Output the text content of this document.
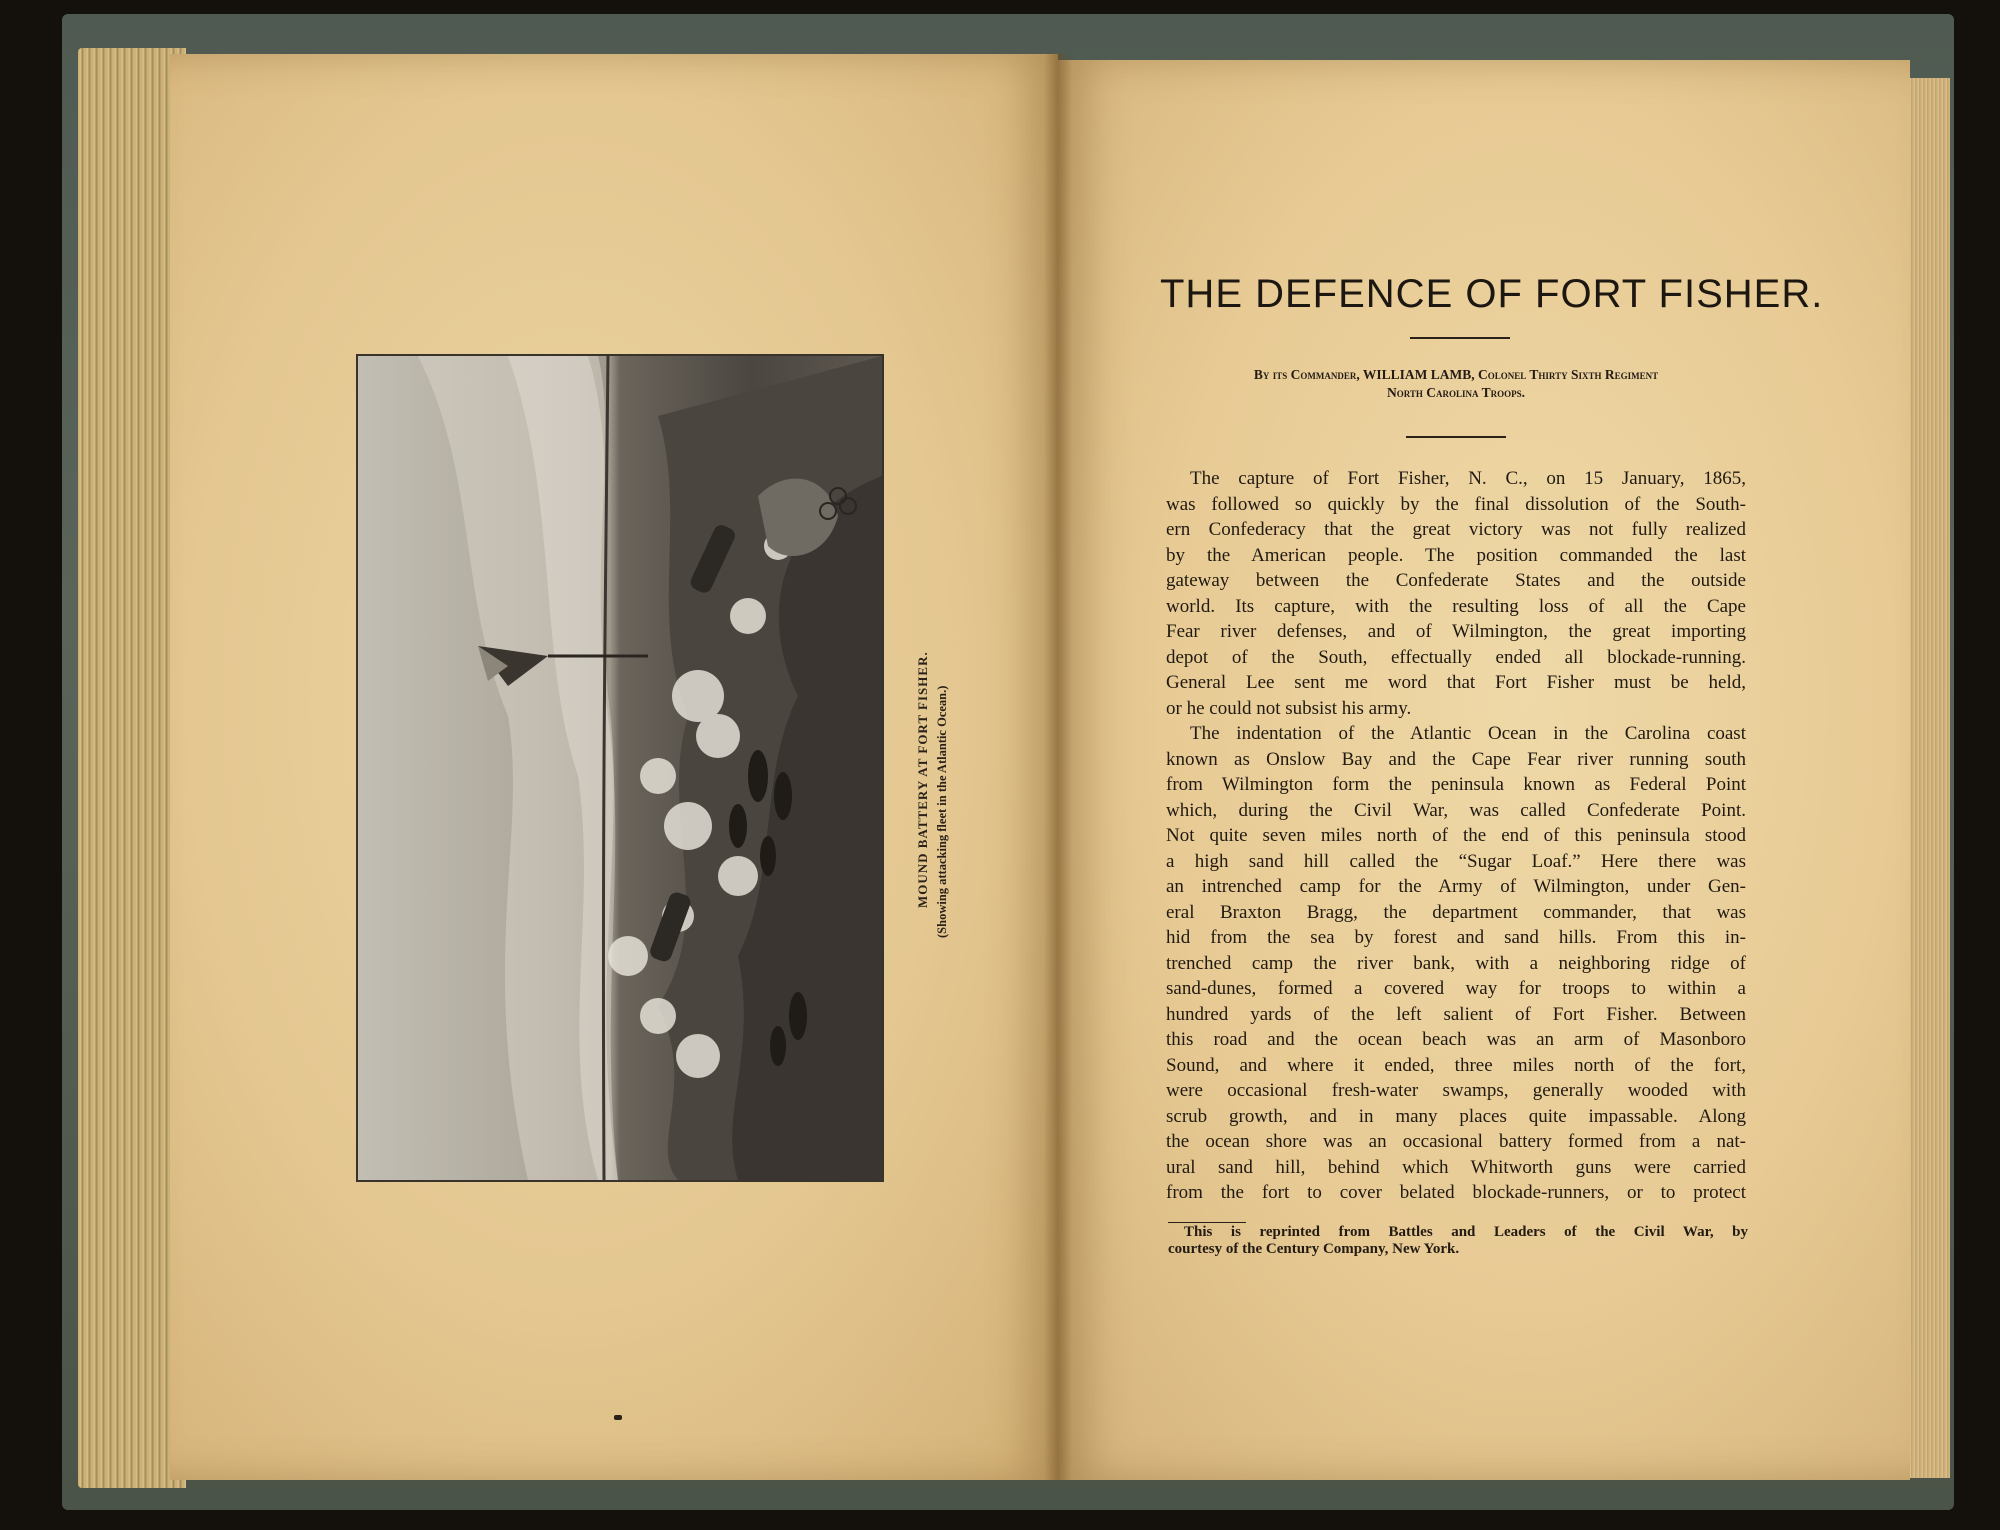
MOUND BATTERY AT FORT FISHER. (Showing attacking fleet in the Atlantic Ocean.)
THE DEFENCE OF FORT FISHER.
By its Commander, WILLIAM LAMB, Colonel Thirty Sixth Regiment
North Carolina Troops.
The capture of Fort Fisher, N. C., on 15 January, 1865,
was followed so quickly by the final dissolution of the South-
ern Confederacy that the great victory was not fully realized
by the American people. The position commanded the last
gateway between the Confederate States and the outside
world. Its capture, with the resulting loss of all the Cape
Fear river defenses, and of Wilmington, the great importing
depot of the South, effectually ended all blockade-running.
General Lee sent me word that Fort Fisher must be held,
or he could not subsist his army.
The indentation of the Atlantic Ocean in the Carolina coast
known as Onslow Bay and the Cape Fear river running south
from Wilmington form the peninsula known as Federal Point
which, during the Civil War, was called Confederate Point.
Not quite seven miles north of the end of this peninsula stood
a high sand hill called the “Sugar Loaf.” Here there was
an intrenched camp for the Army of Wilmington, under Gen-
eral Braxton Bragg, the department commander, that was
hid from the sea by forest and sand hills. From this in-
trenched camp the river bank, with a neighboring ridge of
sand-dunes, formed a covered way for troops to within a
hundred yards of the left salient of Fort Fisher. Between
this road and the ocean beach was an arm of Masonboro
Sound, and where it ended, three miles north of the fort,
were occasional fresh-water swamps, generally wooded with
scrub growth, and in many places quite impassable. Along
the ocean shore was an occasional battery formed from a nat-
ural sand hill, behind which Whitworth guns were carried
from the fort to cover belated blockade-runners, or to protect
This is reprinted from Battles and Leaders of the Civil War, by
courtesy of the Century Company, New York.
